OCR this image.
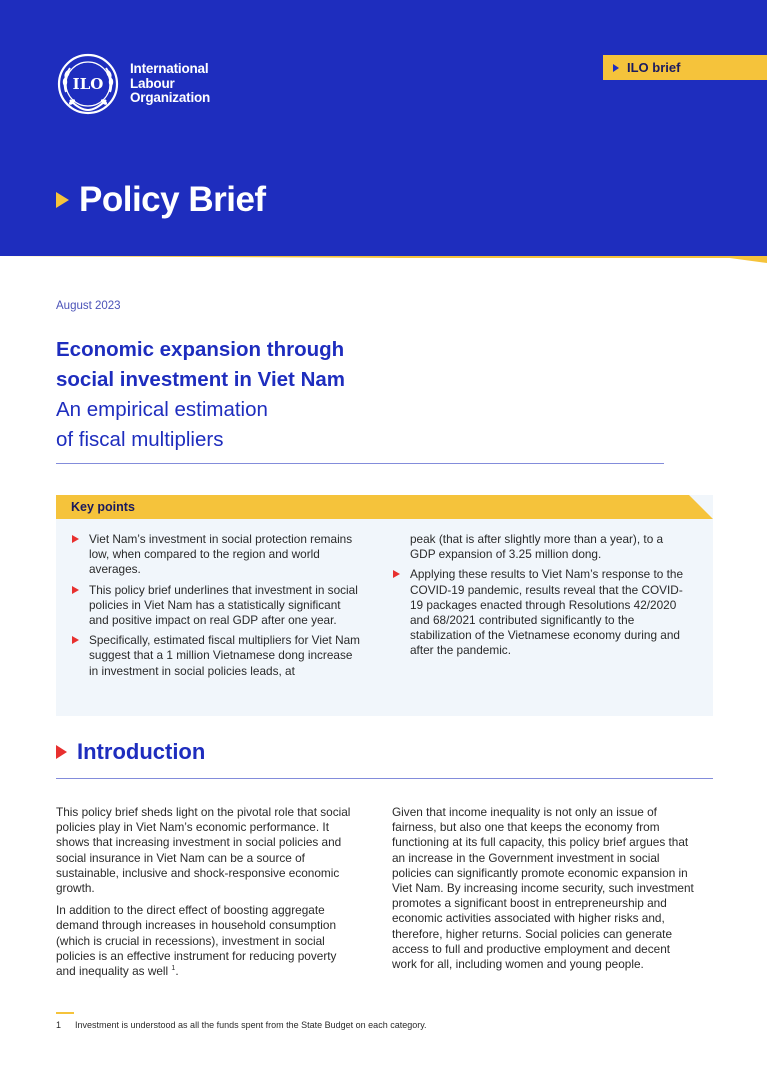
ILO
International
Labour
Organization
ILO brief
Policy Brief
August 2023
Economic expansion through
social investment in Viet Nam
An empirical estimation
of fiscal multipliers
Key points
Viet Nam’s investment in social protection remains low, when compared to the region and world averages.
This policy brief underlines that investment in social policies in Viet Nam has a statistically significant and positive impact on real GDP after one year.
Specifically, estimated fiscal multipliers for Viet Nam suggest that a 1 million Vietnamese dong increase in investment in social policies leads, at
peak (that is after slightly more than a year), to a GDP expansion of 3.25 million dong.
Applying these results to Viet Nam’s response to the COVID-19 pandemic, results reveal that the COVID-19 packages enacted through Resolutions 42/2020 and 68/2021 contributed significantly to the stabilization of the Vietnamese economy during and after the pandemic.
Introduction

This policy brief sheds light on the pivotal role that social policies play in Viet Nam’s economic performance. It shows that increasing investment in social policies and social insurance in Viet Nam can be a source of sustainable, inclusive and shock-responsive economic growth.

In addition to the direct effect of boosting aggregate demand through increases in household consumption (which is crucial in recessions), investment in social policies is an effective instrument for reducing poverty and inequality as well $^1$.

Given that income inequality is not only an issue of fairness, but also one that keeps the economy from functioning at its full capacity, this policy brief argues that an increase in the Government investment in social policies can significantly promote economic expansion in Viet Nam. By increasing income security, such investment promotes a significant boost in entrepreneurship and economic activities associated with higher risks and, therefore, higher returns. Social policies can generate access to full and productive employment and decent work for all, including women and young people.

1	Investment is understood as all the funds spent from the State Budget on each category.
